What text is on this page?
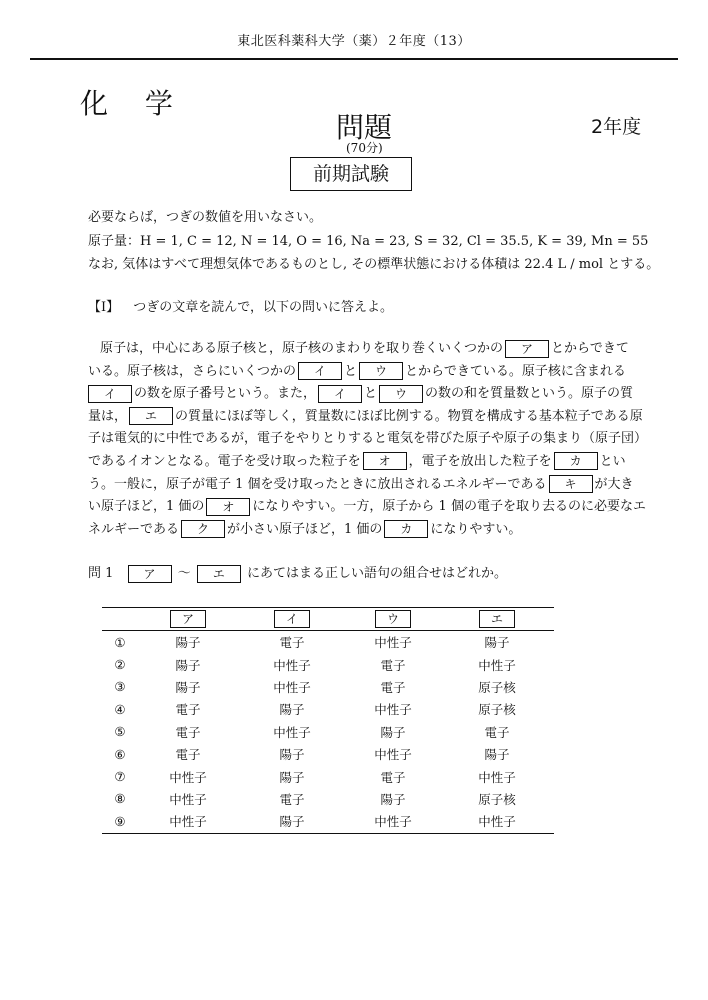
東北医科薬科大学（薬）２年度（13）
化 学
問題	2年度
(70分)
前期試験
必要ならば，つぎの数値を用いなさい。
原子量：H = 1, C = 12, N = 14, O = 16, Na = 23, S = 32, Cl = 35.5, K = 39, Mn = 55
なお, 気体はすべて理想気体であるものとし, その標準状態における体積は 22.4 L / mol とする。
【Ⅰ】 つぎの文章を読んで，以下の問いに答えよ。
原子は，中心にある原子核と，原子核のまわりを取り巻くいくつかの ア とからできて
いる。原子核は，さらにいくつかの イ と ウ とからできている。原子核に含まれる
イ の数を原子番号という。また， イ と ウ の数の和を質量数という。原子の質
量は， エ の質量にほぼ等しく，質量数にほぼ比例する。物質を構成する基本粒子である原
子は電気的に中性であるが，電子をやりとりすると電気を帯びた原子や原子の集まり（原子団）
であるイオンとなる。電子を受け取った粒子を オ ，電子を放出した粒子を カ とい
う。一般に，原子が電子 1 個を受け取ったときに放出されるエネルギーである キ が大き
い原子ほど，1 価の オ になりやすい。一方，原子から 1 個の電子を取り去るのに必要なエ
ネルギーである ク が小さい原子ほど，1 価の カ になりやすい。
問 1	ア ～ エ にあてはまる正しい語句の組合せはどれか。
	ア	イ	ウ	エ
①	陽子	電子	中性子	陽子
②	陽子	中性子	電子	中性子
③	陽子	中性子	電子	原子核
④	電子	陽子	中性子	原子核
⑤	電子	中性子	陽子	電子
⑥	電子	陽子	中性子	陽子
⑦	中性子	陽子	電子	中性子
⑧	中性子	電子	陽子	原子核
⑨	中性子	陽子	中性子	中性子
